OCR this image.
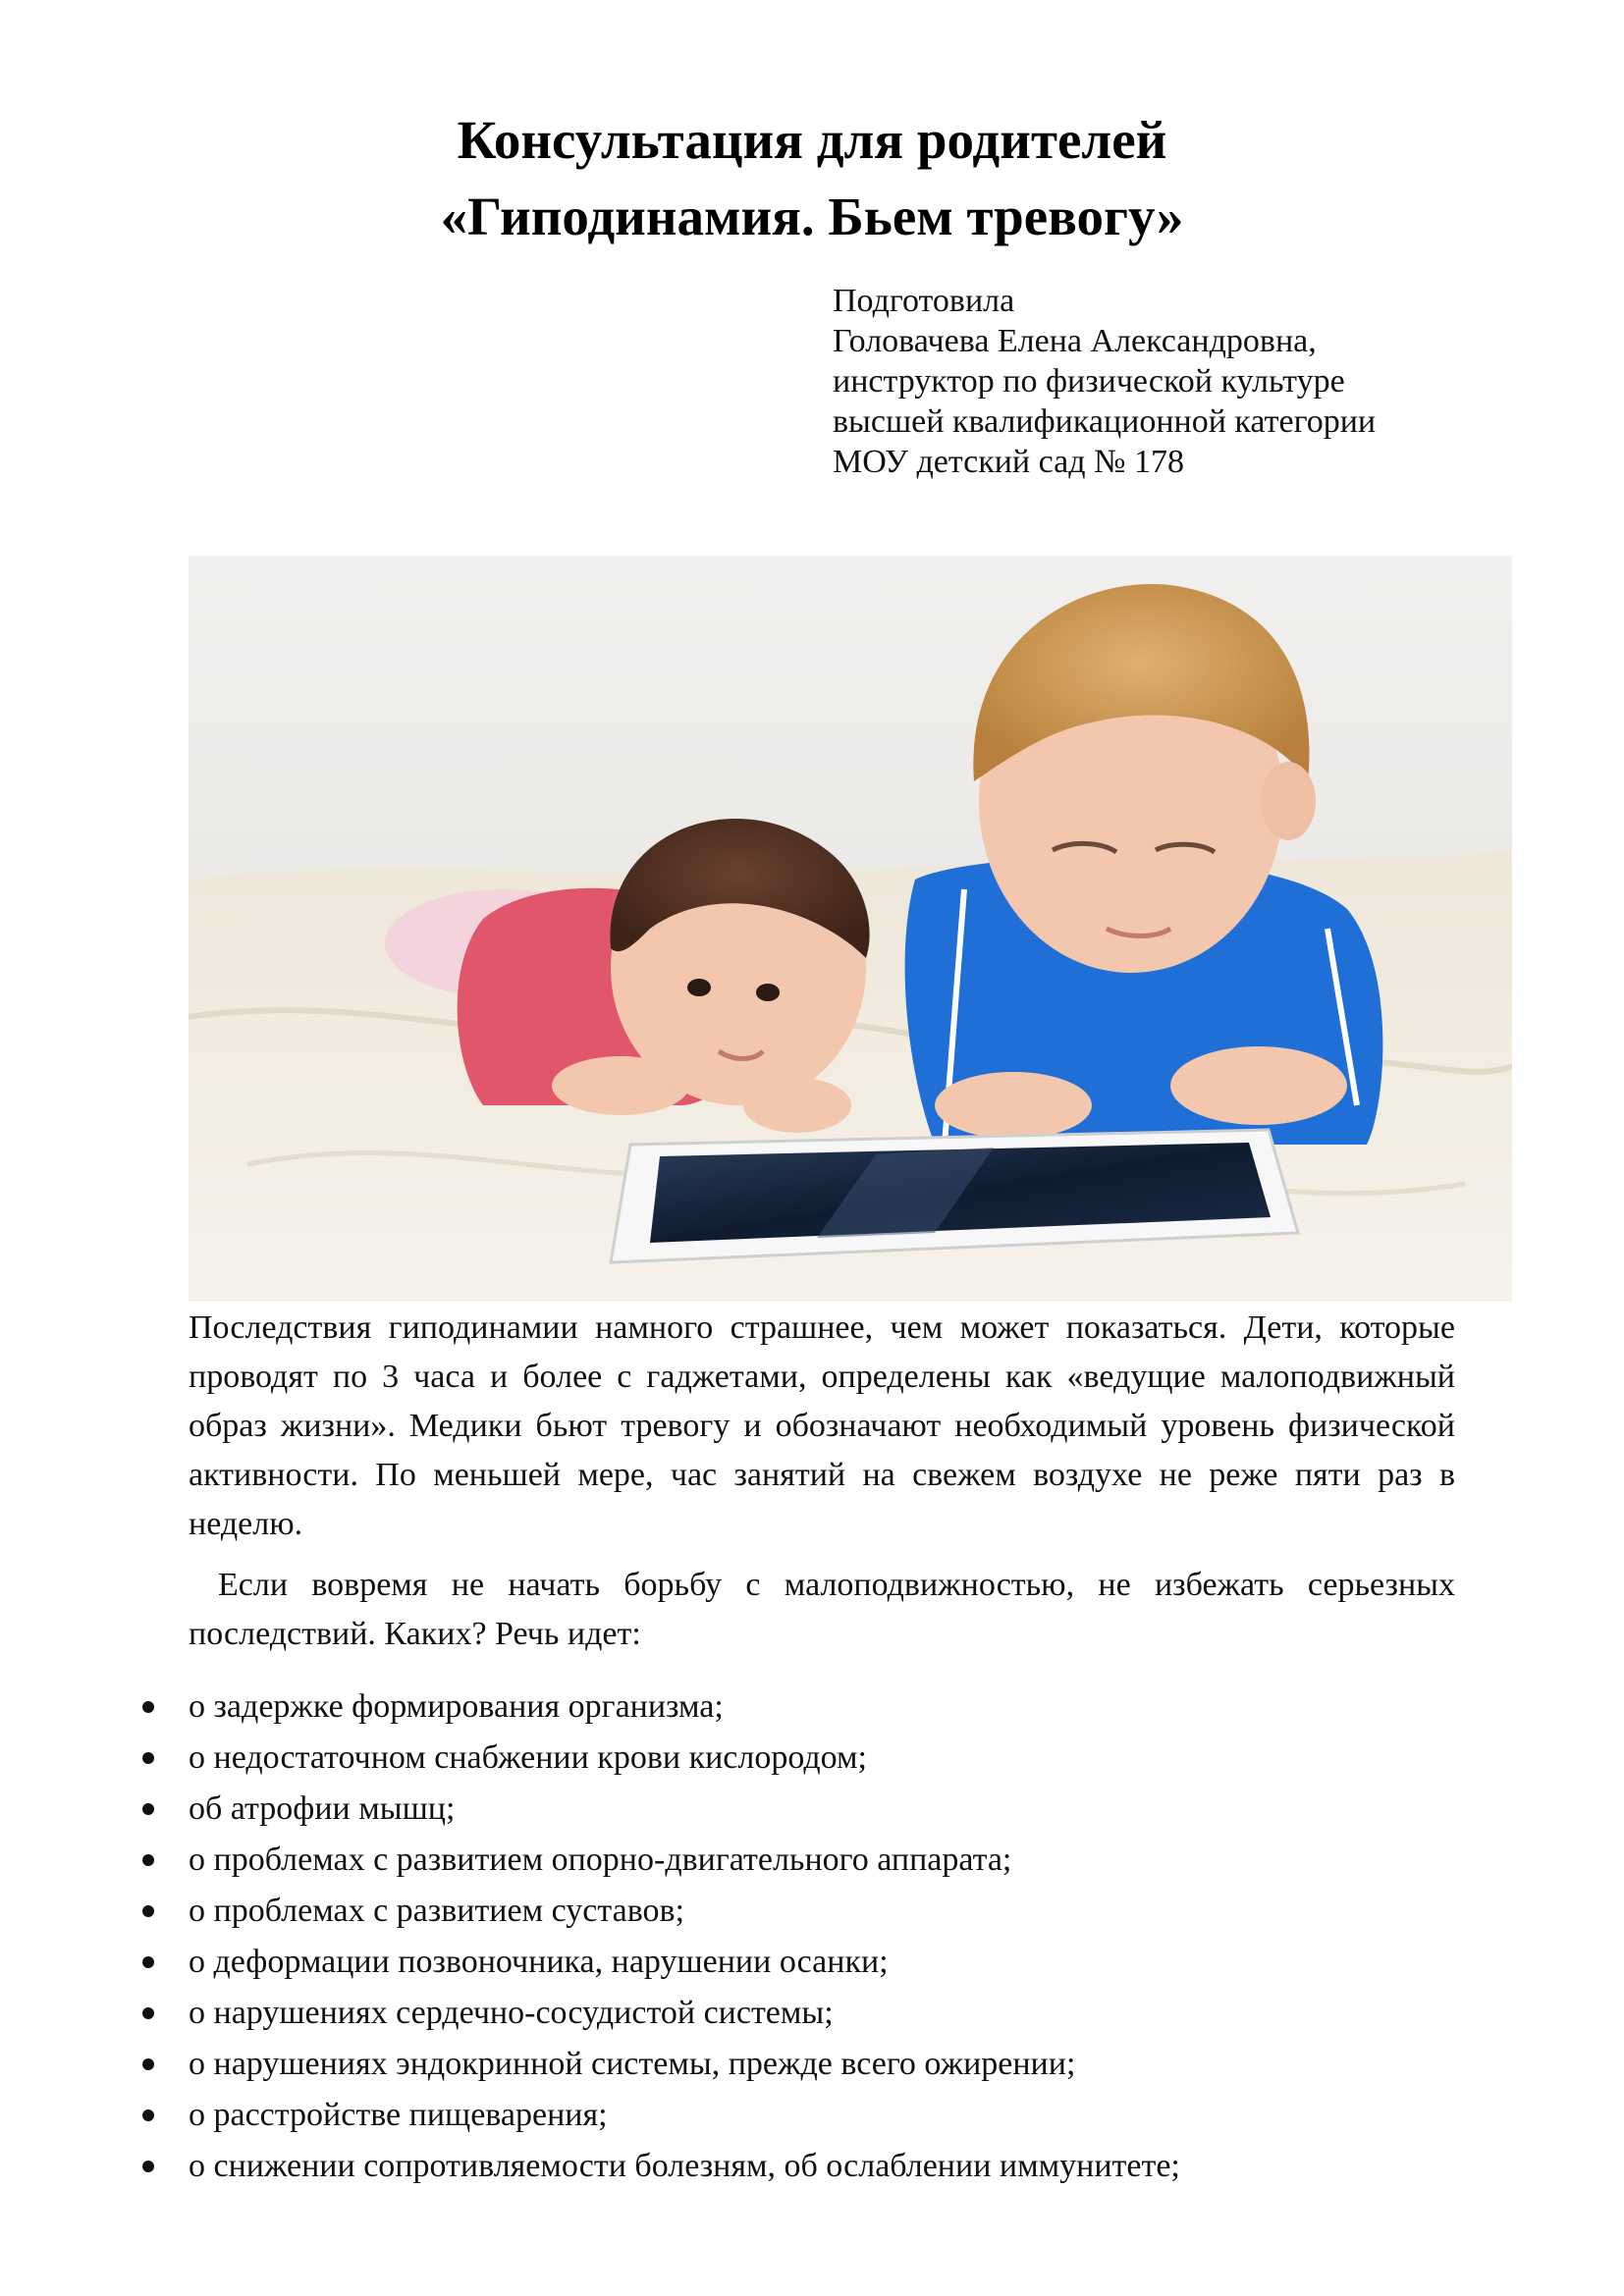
Консультация для родителей
«Гиподинамия. Бьем тревогу»
Подготовила
Головачева Елена Александровна,
инструктор по физической культуре
высшей квалификационной категории
МОУ детский сад № 178

Последствия гиподинамии намного страшнее, чем может показаться. Дети, которые проводят по 3 часа и более с гаджетами, определены как «ведущие малоподвижный образ жизни». Медики бьют тревогу и обозначают необходимый уровень физической активности. По меньшей мере, час занятий на свежем воздухе не реже пяти раз в неделю.

Если вовремя не начать борьбу с малоподвижностью, не избежать серьезных последствий. Каких? Речь идет:

о задержке формирования организма;
о недостаточном снабжении крови кислородом;
об атрофии мышц;
о проблемах с развитием опорно-двигательного аппарата;
о проблемах с развитием суставов;
о деформации позвоночника, нарушении осанки;
о нарушениях сердечно-сосудистой системы;
о нарушениях эндокринной системы, прежде всего ожирении;
о расстройстве пищеварения;
о снижении сопротивляемости болезням, об ослаблении иммунитете;
